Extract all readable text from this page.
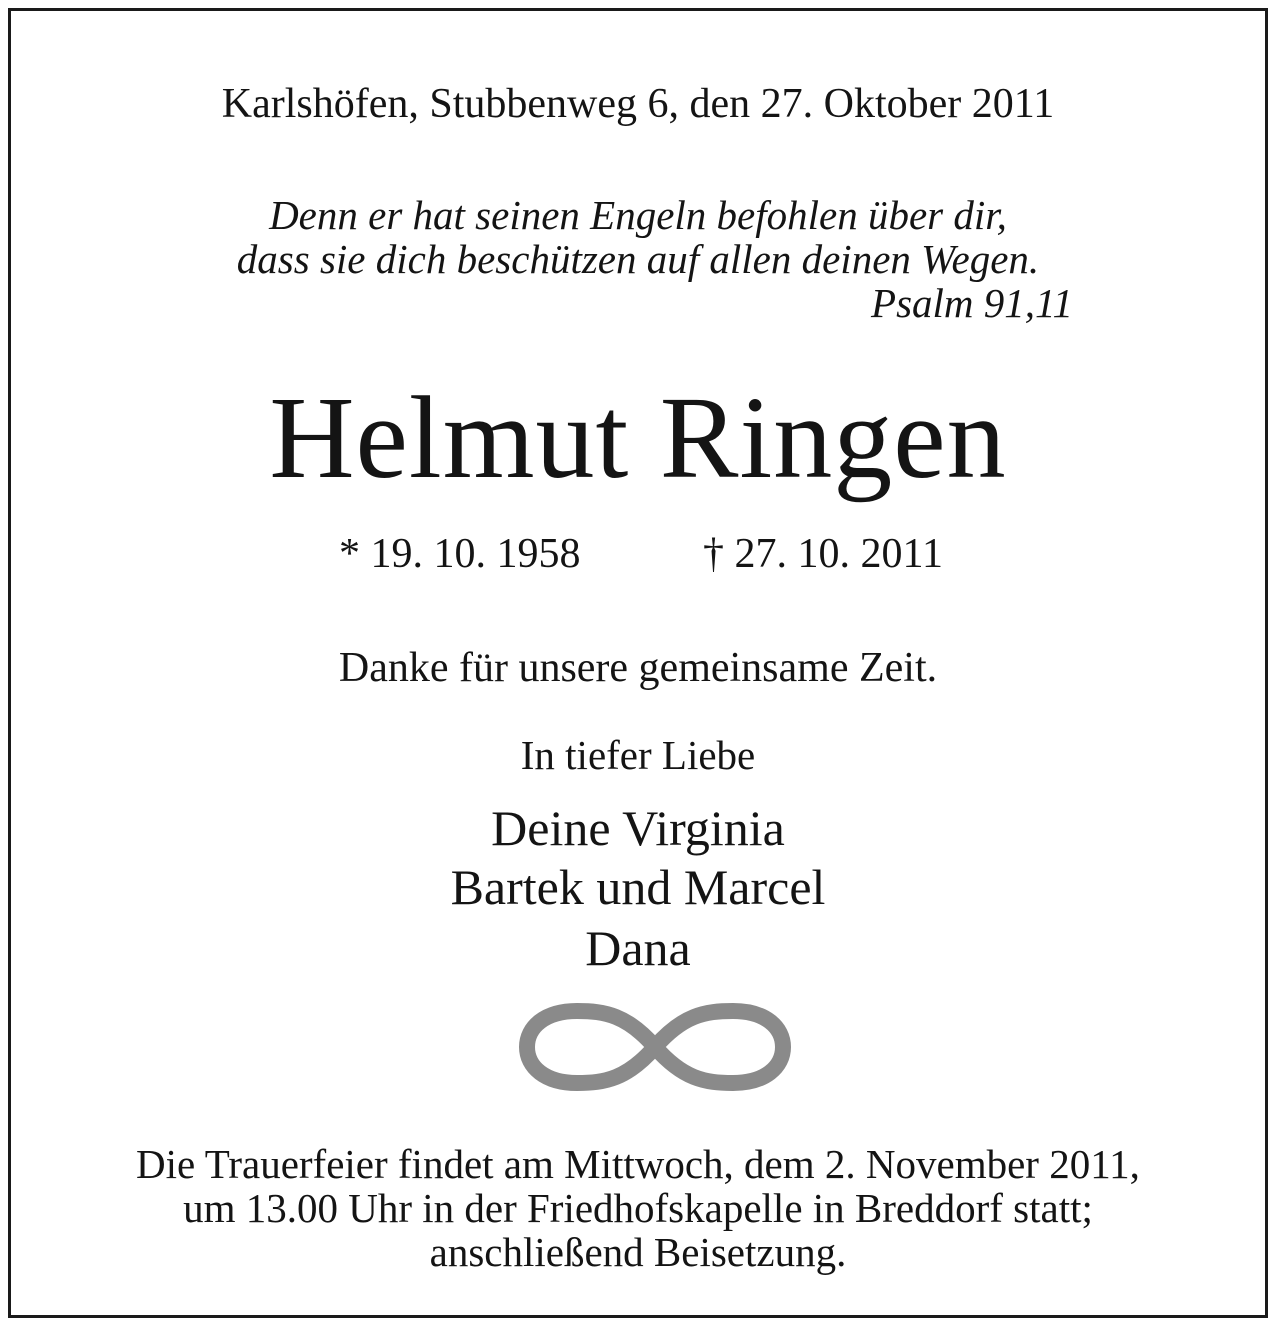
Karlshöfen, Stubbenweg 6, den 27. Oktober 2011
Denn er hat seinen Engeln befohlen über dir,
dass sie dich beschützen auf allen deinen Wegen.
Psalm 91,11
Helmut Ringen
* 19. 10. 1958	† 27. 10. 2011
Danke für unsere gemeinsame Zeit.
In tiefer Liebe
Deine Virginia
Bartek und Marcel
Dana
Die Trauerfeier findet am Mittwoch, dem 2. November 2011,
um 13.00 Uhr in der Friedhofskapelle in Breddorf statt;
anschließend Beisetzung.
